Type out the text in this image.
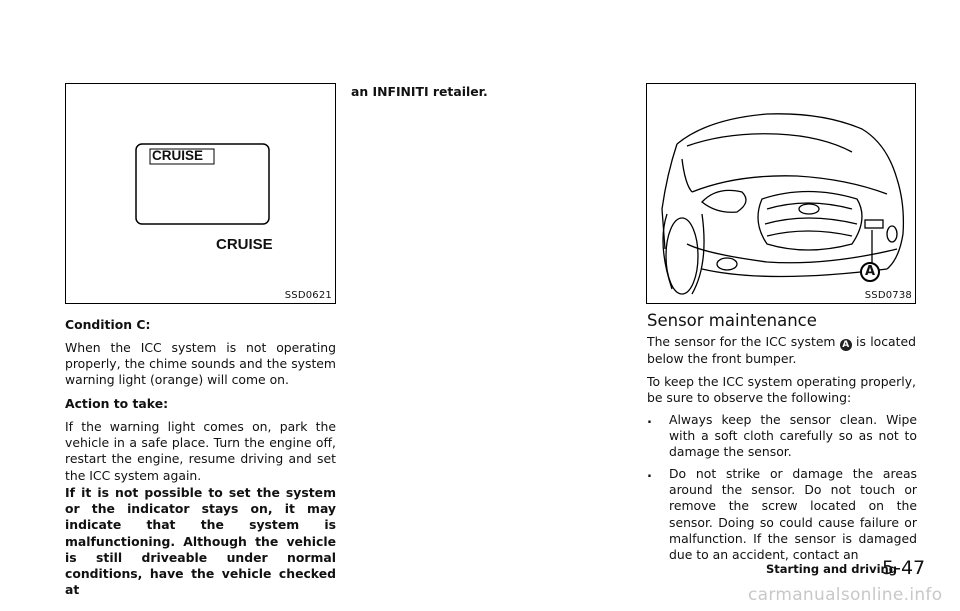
CRUISE
CRUISE
SSD0621

Condition C:

When the ICC system is not operating properly, the chime sounds and the system warning light (orange) will come on.

Action to take:

If the warning light comes on, park the vehicle in a safe place. Turn the engine off, restart the engine, resume driving and set the ICC system again.

If it is not possible to set the system or the indicator stays on, it may indicate that the system is malfunctioning. Although the vehicle is still driveable under normal conditions, have the vehicle checked at

an INFINITI retailer.

A
SSD0738
Sensor maintenance

The sensor for the ICC system A is located below the front bumper.

To keep the ICC system operating properly, be sure to observe the following:

.	Always keep the sensor clean. Wipe with a soft cloth carefully so as not to damage the sensor.
.	Do not strike or damage the areas around the sensor. Do not touch or remove the screw located on the sensor. Doing so could cause failure or malfunction. If the sensor is damaged due to an accident, contact an
Starting and driving
5-47
carmanualsonline.info
